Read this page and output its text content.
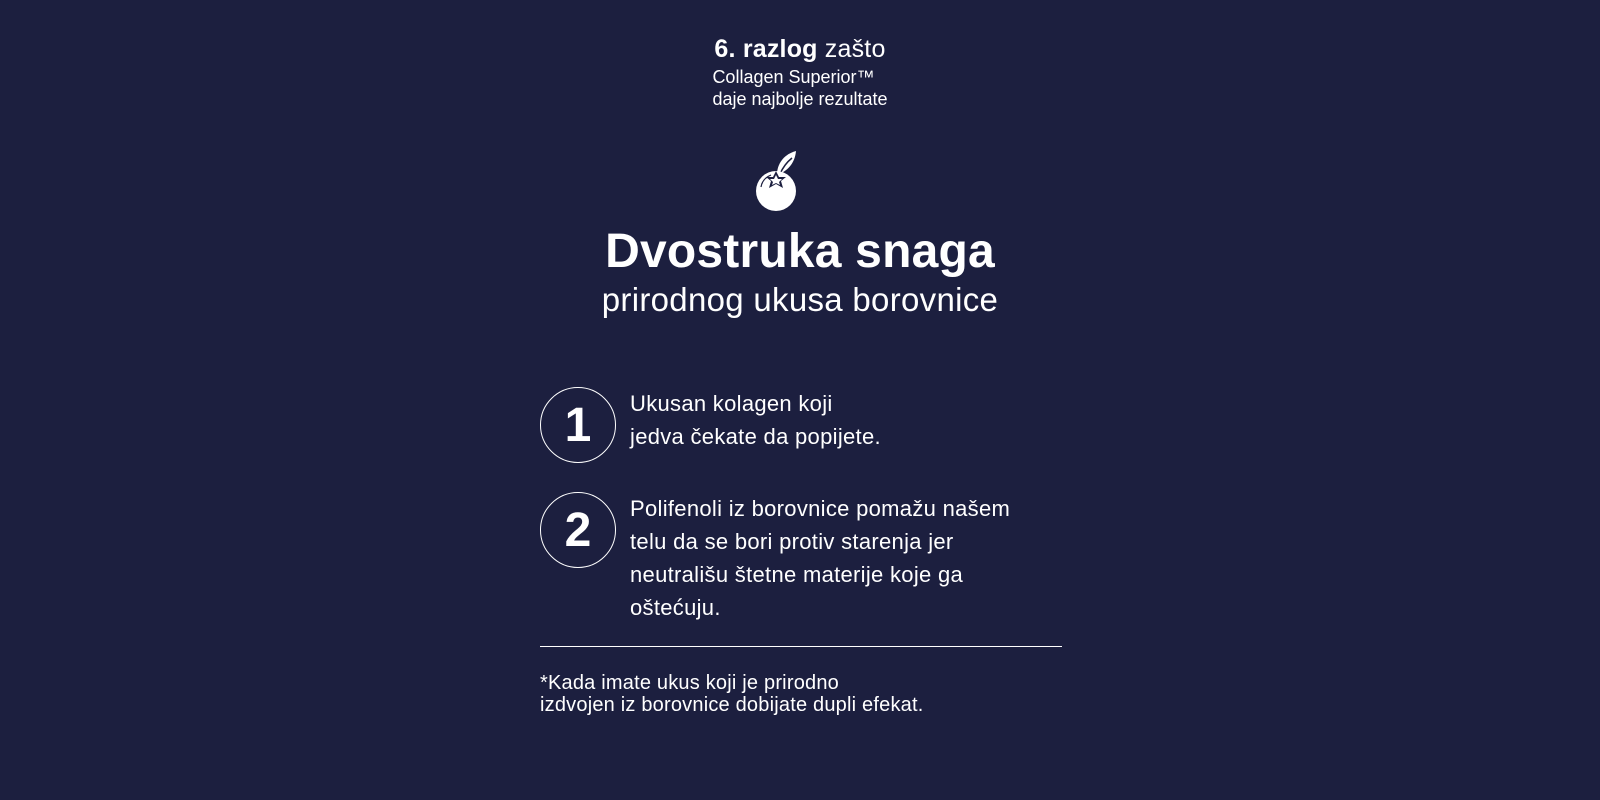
6. razlog zašto
Collagen Superior™
daje najbolje rezultate
Dvostruka snaga
prirodnog ukusa borovnice
1	Ukusan kolagen koji
jedva čekate da popijete.
2	Polifenoli iz borovnice pomažu našem
telu da se bori protiv starenja jer
neutrališu štetne materije koje ga
oštećuju.
*Kada imate ukus koji je prirodno
izdvojen iz borovnice dobijate dupli efekat.
